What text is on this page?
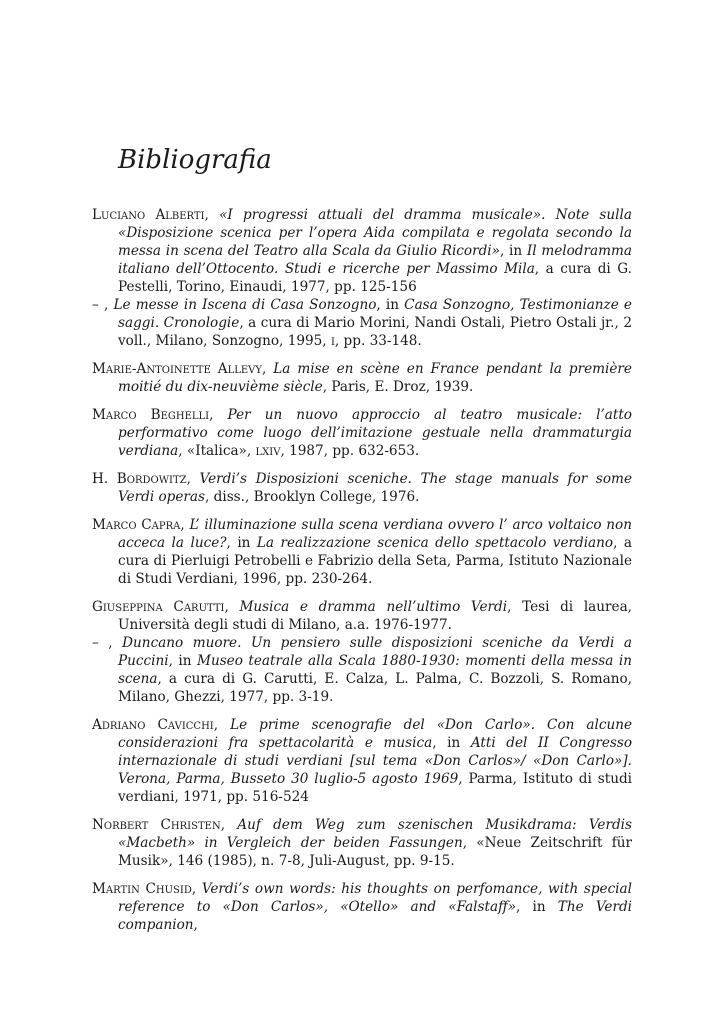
Bibliografia

Luciano Alberti, «I progressi attuali del dramma musicale». Note sulla «Disposizione scenica per l’opera Aida compilata e regolata secondo la messa in scena del Teatro alla Scala da Giulio Ricordi», in Il melodramma italiano dell’Ottocento. Studi e ricerche per Massimo Mila, a cura di G. Pestelli, Torino, Einaudi, 1977, pp. 125-156

– , Le messe in Iscena di Casa Sonzogno, in Casa Sonzogno, Testimonianze e saggi. Cronologie, a cura di Mario Morini, Nandi Ostali, Pietro Ostali jr., 2 voll., Milano, Sonzogno, 1995, i, pp. 33-148.

Marie-Antoinette Allevy, La mise en scène en France pendant la première moitié du dix-neuvième siècle, Paris, E. Droz, 1939.

Marco Beghelli, Per un nuovo approccio al teatro musicale: l’atto performativo come luogo dell’imitazione gestuale nella drammaturgia verdiana, «Italica», lxiv, 1987, pp. 632-653.

H. Bordowitz, Verdi’s Disposizioni sceniche. The stage manuals for some Verdi operas, diss., Brooklyn College, 1976.

Marco Capra, L’ illuminazione sulla scena verdiana ovvero l’ arco voltaico non acceca la luce?, in La realizzazione scenica dello spettacolo verdiano, a cura di Pierluigi Petrobelli e Fabrizio della Seta, Parma, Istituto Nazionale di Studi Verdiani, 1996, pp. 230-264.

Giuseppina Carutti, Musica e dramma nell’ultimo Verdi, Tesi di laurea, Università degli studi di Milano, a.a. 1976-1977.

– , Duncano muore. Un pensiero sulle disposizioni sceniche da Verdi a Puccini, in Museo teatrale alla Scala 1880-1930: momenti della messa in scena, a cura di G. Carutti, E. Calza, L. Palma, C. Bozzoli, S. Romano, Milano, Ghezzi, 1977, pp. 3-19.

Adriano Cavicchi, Le prime scenografie del «Don Carlo». Con alcune considerazioni fra spettacolarità e musica, in Atti del II Congresso internazionale di studi verdiani [sul tema «Don Carlos»/ «Don Carlo»]. Verona, Parma, Busseto 30 luglio-5 agosto 1969, Parma, Istituto di studi verdiani, 1971, pp. 516-524

Norbert Christen, Auf dem Weg zum szenischen Musikdrama: Verdis «Macbeth» in Vergleich der beiden Fassungen, «Neue Zeitschrift für Musik», 146 (1985), n. 7-8, Juli-August, pp. 9-15.

Martin Chusid, Verdi’s own words: his thoughts on perfomance, with special reference to «Don Carlos», «Otello» and «Falstaff», in The Verdi companion,
